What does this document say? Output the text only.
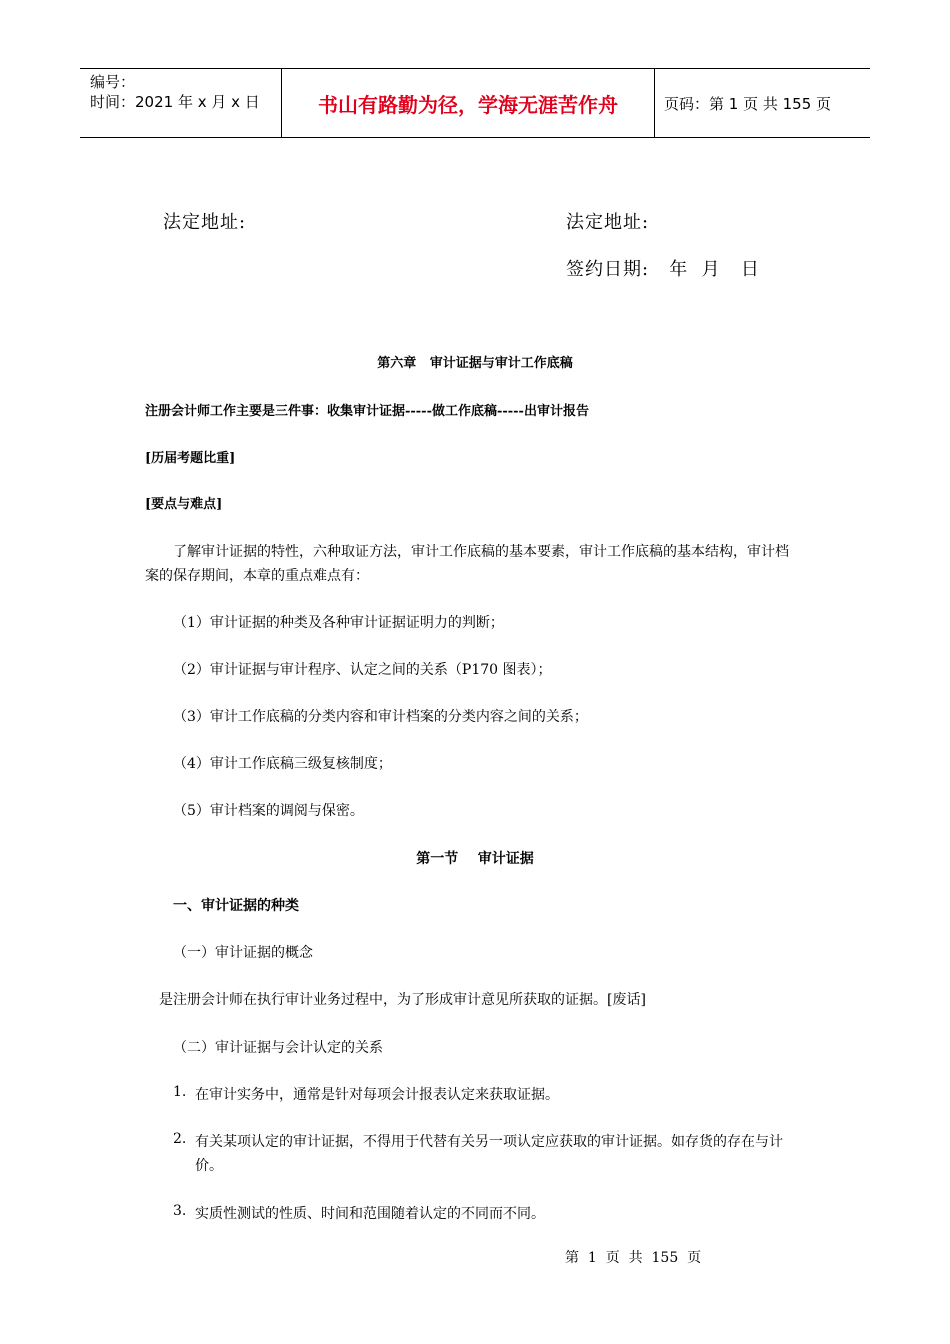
编号：
时间：2021 年 x 月 x 日	书山有路勤为径，学海无涯苦作舟	页码：第 1 页 共 155 页
法定地址:	法定地址:
签约日期:   年  月   日
第六章   审计证据与审计工作底稿
注册会计师工作主要是三件事：收集审计证据-----做工作底稿-----出审计报告
[历届考题比重]
[要点与难点]
了解审计证据的特性，六种取证方法，审计工作底稿的基本要素，审计工作底稿的基本结构，审计档
案的保存期间，本章的重点难点有：
（1）审计证据的种类及各种审计证据证明力的判断；
（2）审计证据与审计程序、认定之间的关系（P170 图表）；
（3）审计工作底稿的分类内容和审计档案的分类内容之间的关系；
（4）审计工作底稿三级复核制度；
（5）审计档案的调阅与保密。
第一节    审计证据
一、审计证据的种类
（一）审计证据的概念
是注册会计师在执行审计业务过程中，为了形成审计意见所获取的证据。[废话]
（二）审计证据与会计认定的关系
1. 在审计实务中，通常是针对每项会计报表认定来获取证据。
2. 有关某项认定的审计证据，不得用于代替有关另一项认定应获取的审计证据。如存货的存在与计
价。
3. 实质性测试的性质、时间和范围随着认定的不同而不同。
第  1  页  共  155  页
